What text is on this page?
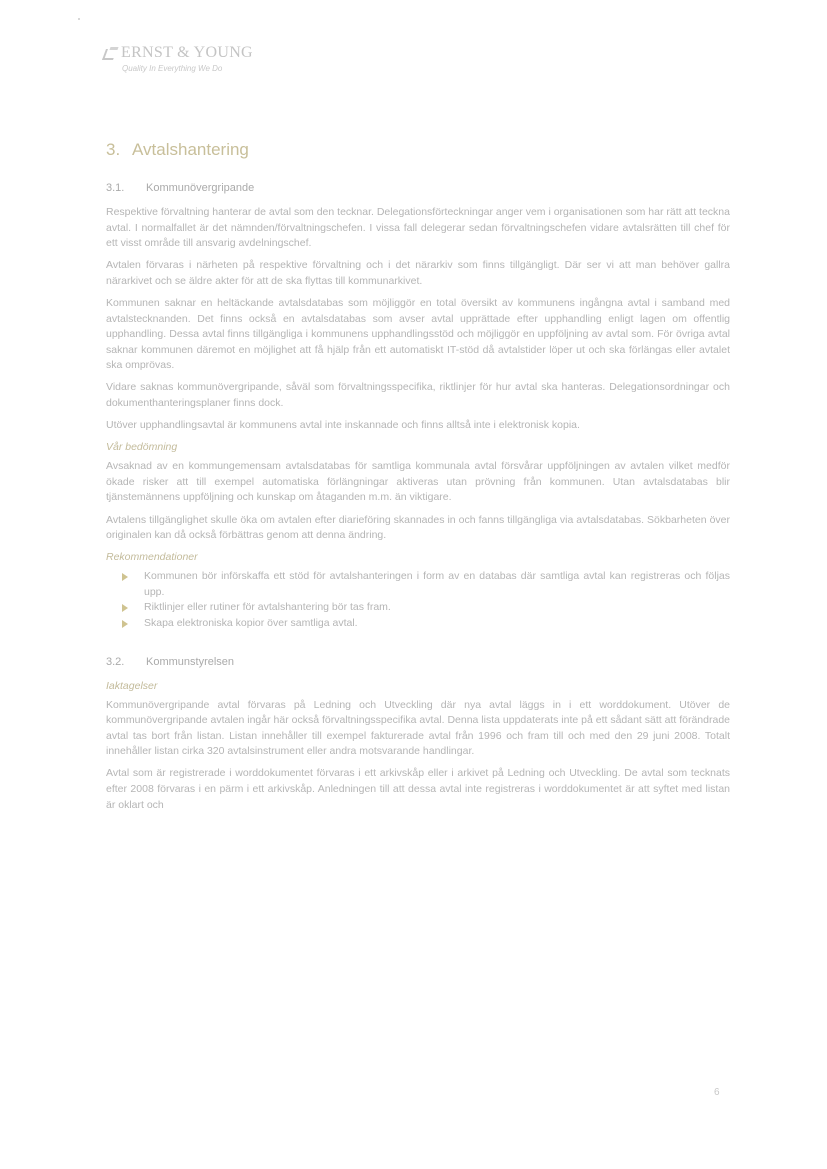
ERNST & YOUNG
Quality In Everything We Do
3. Avtalshantering
3.1.	Kommunövergripande

Respektive förvaltning hanterar de avtal som den tecknar. Delegationsförteckningar anger vem i organisationen som har rätt att teckna avtal. I normalfallet är det nämnden/förvaltningschefen. I vissa fall delegerar sedan förvaltningschefen vidare avtalsrätten till chef för ett visst område till ansvarig avdelningschef.

Avtalen förvaras i närheten på respektive förvaltning och i det närarkiv som finns tillgängligt. Där ser vi att man behöver gallra närarkivet och se äldre akter för att de ska flyttas till kommunarkivet.

Kommunen saknar en heltäckande avtalsdatabas som möjliggör en total översikt av kommunens ingångna avtal i samband med avtalstecknanden. Det finns också en avtalsdatabas som avser avtal upprättade efter upphandling enligt lagen om offentlig upphandling. Dessa avtal finns tillgängliga i kommunens upphandlingsstöd och möjliggör en uppföljning av avtal som. För övriga avtal saknar kommunen däremot en möjlighet att få hjälp från ett automatiskt IT-stöd då avtalstider löper ut och ska förlängas eller avtalet ska omprövas.

Vidare saknas kommunövergripande, såväl som förvaltningsspecifika, riktlinjer för hur avtal ska hanteras. Delegationsordningar och dokumenthanteringsplaner finns dock.

Utöver upphandlingsavtal är kommunens avtal inte inskannade och finns alltså inte i elektronisk kopia.

Vår bedömning

Avsaknad av en kommungemensam avtalsdatabas för samtliga kommunala avtal försvårar uppföljningen av avtalen vilket medför ökade risker att till exempel automatiska förlängningar aktiveras utan prövning från kommunen. Utan avtalsdatabas blir tjänstemännens uppföljning och kunskap om åtaganden m.m. än viktigare.

Avtalens tillgänglighet skulle öka om avtalen efter diarieföring skannades in och fanns tillgängliga via avtalsdatabas. Sökbarheten över originalen kan då också förbättras genom att denna ändring.

Rekommendationer
Kommunen bör införskaffa ett stöd för avtalshanteringen i form av en databas där samtliga avtal kan registreras och följas upp.
Riktlinjer eller rutiner för avtalshantering bör tas fram.
Skapa elektroniska kopior över samtliga avtal.
3.2.	Kommunstyrelsen
Iaktagelser

Kommunövergripande avtal förvaras på Ledning och Utveckling där nya avtal läggs in i ett worddokument. Utöver de kommunövergripande avtalen ingår här också förvaltningsspecifika avtal. Denna lista uppdaterats inte på ett sådant sätt att förändrade avtal tas bort från listan. Listan innehåller till exempel fakturerade avtal från 1996 och fram till och med den 29 juni 2008. Totalt innehåller listan cirka 320 avtalsinstrument eller andra motsvarande handlingar.

Avtal som är registrerade i worddokumentet förvaras i ett arkivskåp eller i arkivet på Ledning och Utveckling. De avtal som tecknats efter 2008 förvaras i en pärm i ett arkivskåp. Anledningen till att dessa avtal inte registreras i worddokumentet är att syftet med listan är oklart och

6
